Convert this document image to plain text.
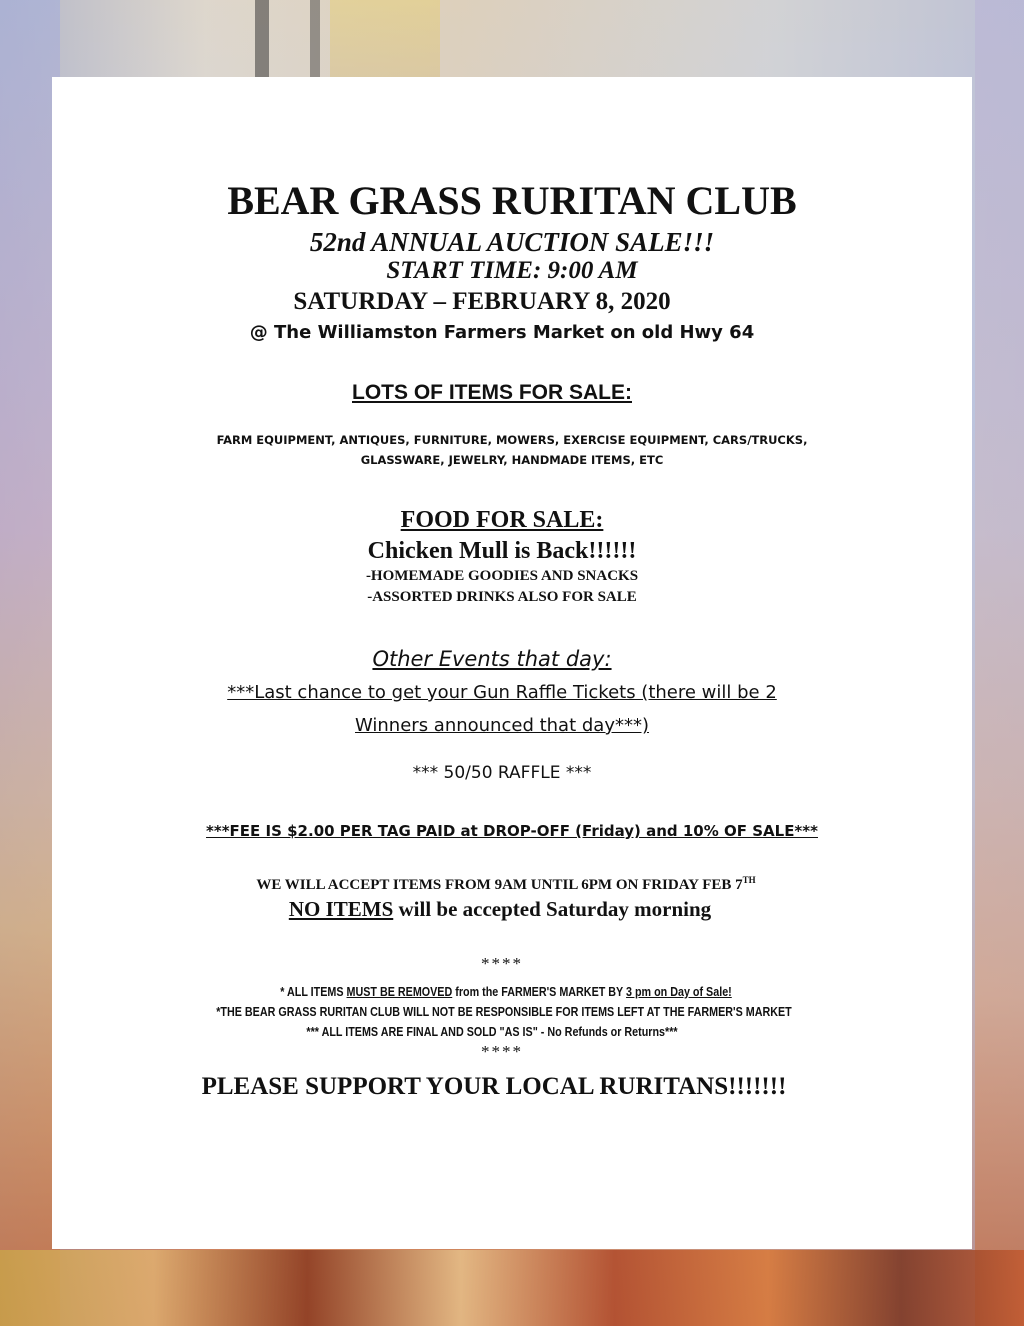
BEAR GRASS RURITAN CLUB
52nd ANNUAL AUCTION SALE!!!
START TIME: 9:00 AM
SATURDAY – FEBRUARY 8, 2020
@ The Williamston Farmers Market on old Hwy 64
LOTS OF ITEMS FOR SALE:
FARM EQUIPMENT, ANTIQUES, FURNITURE, MOWERS, EXERCISE EQUIPMENT, CARS/TRUCKS, GLASSWARE, JEWELRY, HANDMADE ITEMS, ETC
FOOD FOR SALE:
Chicken Mull is Back!!!!!!
-HOMEMADE GOODIES AND SNACKS
-ASSORTED DRINKS ALSO FOR SALE
Other Events that day:
***Last chance to get your Gun Raffle Tickets (there will be 2
Winners announced that day***)
*** 50/50 RAFFLE ***
***FEE IS $2.00 PER TAG PAID at DROP-OFF (Friday) and 10% OF SALE***
WE WILL ACCEPT ITEMS FROM 9AM UNTIL 6PM ON FRIDAY FEB 7TH
NO ITEMS will be accepted Saturday morning
****
* ALL ITEMS MUST BE REMOVED from the FARMER'S MARKET BY 3 pm on Day of Sale!
*THE BEAR GRASS RURITAN CLUB WILL NOT BE RESPONSIBLE FOR ITEMS LEFT AT THE FARMER'S MARKET
*** ALL ITEMS ARE FINAL AND SOLD "AS IS" - No Refunds or Returns***
****
PLEASE SUPPORT YOUR LOCAL RURITANS!!!!!!!
